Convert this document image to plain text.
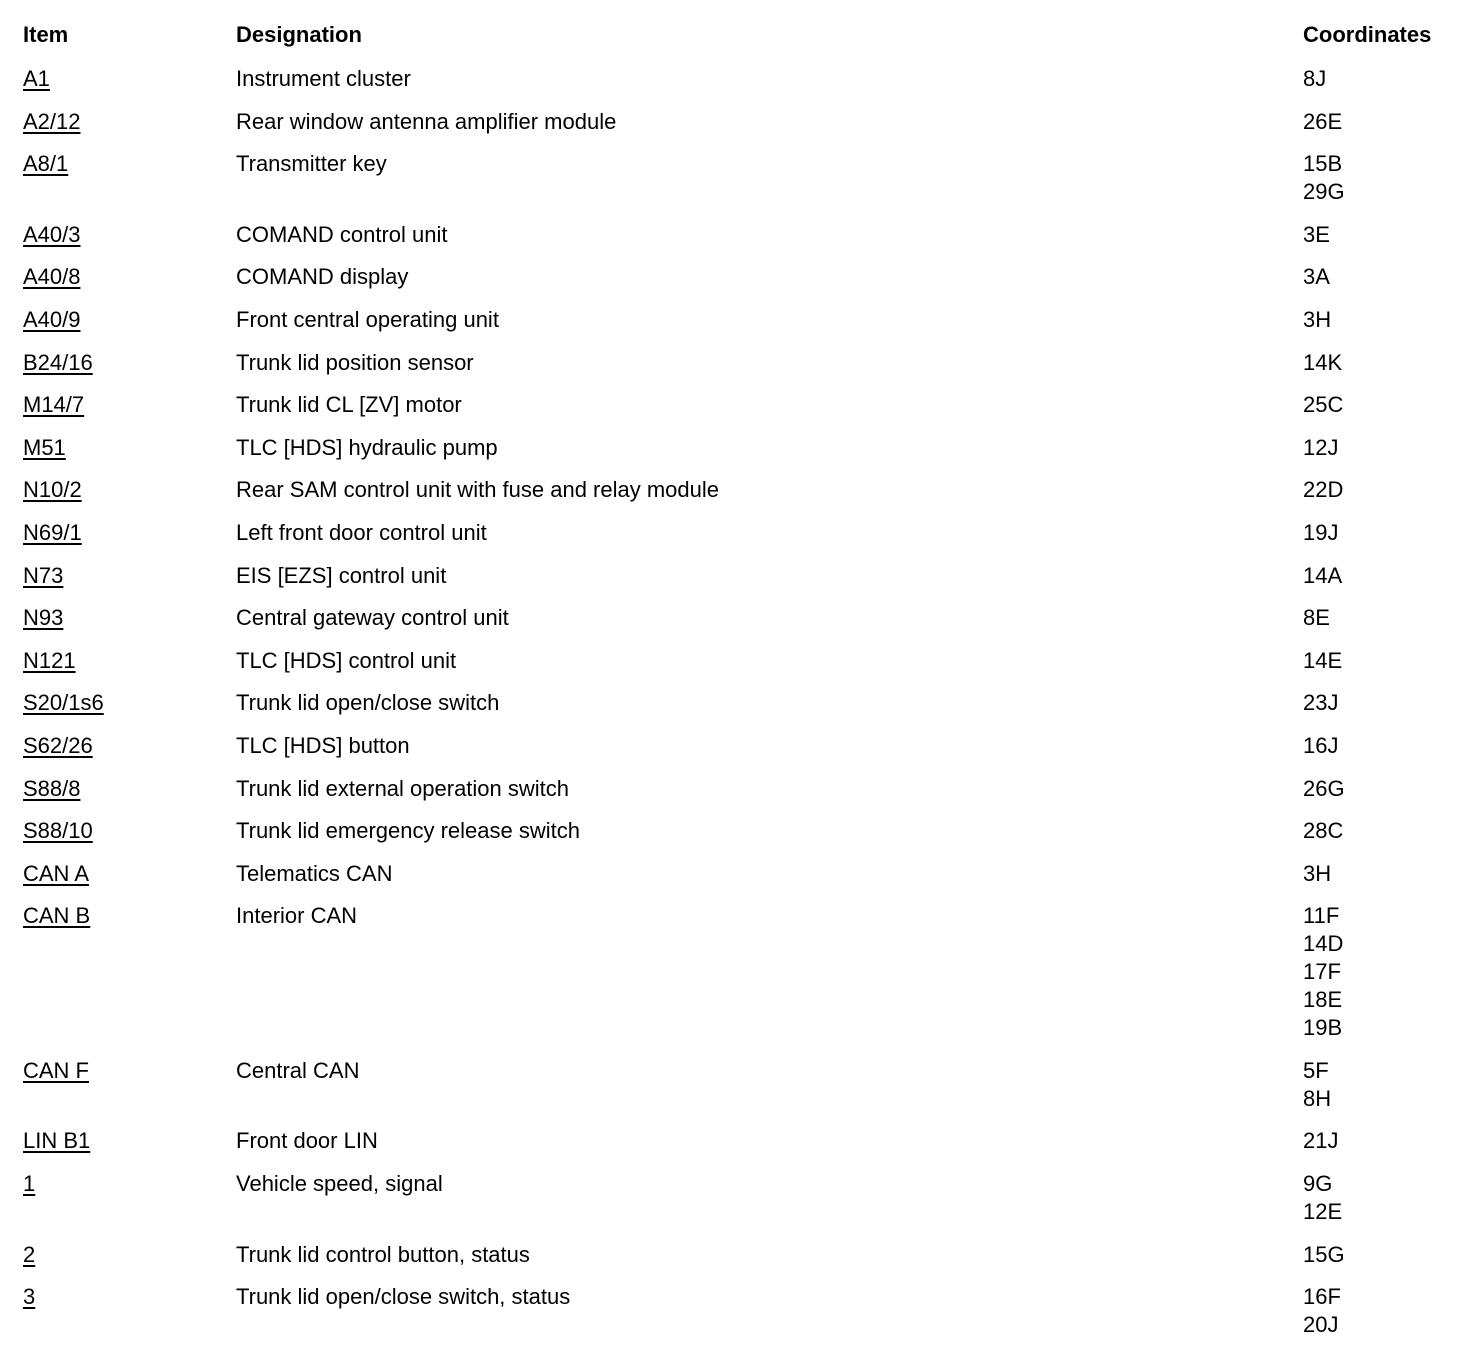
Item	Designation	Coordinates
A1	Instrument cluster	8J
A2/12	Rear window antenna amplifier module	26E
A8/1	Transmitter key	15B
29G
A40/3	COMAND control unit	3E
A40/8	COMAND display	3A
A40/9	Front central operating unit	3H
B24/16	Trunk lid position sensor	14K
M14/7	Trunk lid CL [ZV] motor	25C
M51	TLC [HDS] hydraulic pump	12J
N10/2	Rear SAM control unit with fuse and relay module	22D
N69/1	Left front door control unit	19J
N73	EIS [EZS] control unit	14A
N93	Central gateway control unit	8E
N121	TLC [HDS] control unit	14E
S20/1s6	Trunk lid open/close switch	23J
S62/26	TLC [HDS] button	16J
S88/8	Trunk lid external operation switch	26G
S88/10	Trunk lid emergency release switch	28C
CAN A	Telematics CAN	3H
CAN B	Interior CAN	11F
14D
17F
18E
19B
CAN F	Central CAN	5F
8H
LIN B1	Front door LIN	21J
1	Vehicle speed, signal	9G
12E
2	Trunk lid control button, status	15G
3	Trunk lid open/close switch, status	16F
20J
